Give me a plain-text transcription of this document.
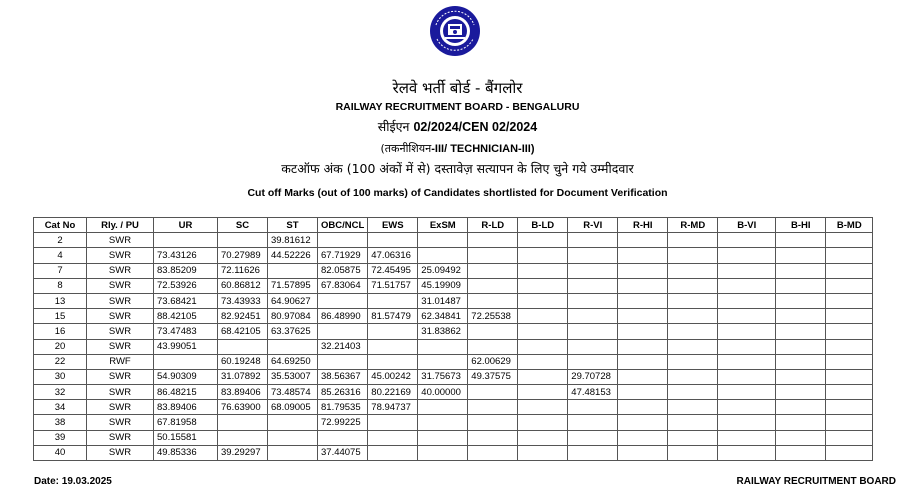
रेलवे भर्ती बोर्ड - बैंगलोर
RAILWAY RECRUITMENT BOARD - BENGALURU
सीईएन 02/2024/CEN 02/2024
(तकनीशियन-III/ TECHNICIAN-III)
कटऑफ अंक (100 अंकों में से) दस्तावेज़ सत्यापन के लिए चुने गये उम्मीदवार
Cut off Marks (out of 100 marks) of Candidates shortlisted for Document Verification
Cat No	Rly. / PU	UR	SC	ST	OBC/NCL	EWS	ExSM	R-LD	B-LD	R-VI	R-HI	R-MD	B-VI	B-HI	B-MD
2	SWR			39.81612											
4	SWR	73.43126	70.27989	44.52226	67.71929	47.06316									
7	SWR	83.85209	72.11626		82.05875	72.45495	25.09492								
8	SWR	72.53926	60.86812	71.57895	67.83064	71.51757	45.19909								
13	SWR	73.68421	73.43933	64.90627			31.01487								
15	SWR	88.42105	82.92451	80.97084	86.48990	81.57479	62.34841	72.25538							
16	SWR	73.47483	68.42105	63.37625			31.83862								
20	SWR	43.99051			32.21403										
22	RWF		60.19248	64.69250				62.00629							
30	SWR	54.90309	31.07892	35.53007	38.56367	45.00242	31.75673	49.37575		29.70728					
32	SWR	86.48215	83.89406	73.48574	85.26316	80.22169	40.00000			47.48153					
34	SWR	83.89406	76.63900	68.09005	81.79535	78.94737									
38	SWR	67.81958			72.99225										
39	SWR	50.15581													
40	SWR	49.85336	39.29297		37.44075										
Date: 19.03.2025	RAILWAY RECRUITMENT BOARD
